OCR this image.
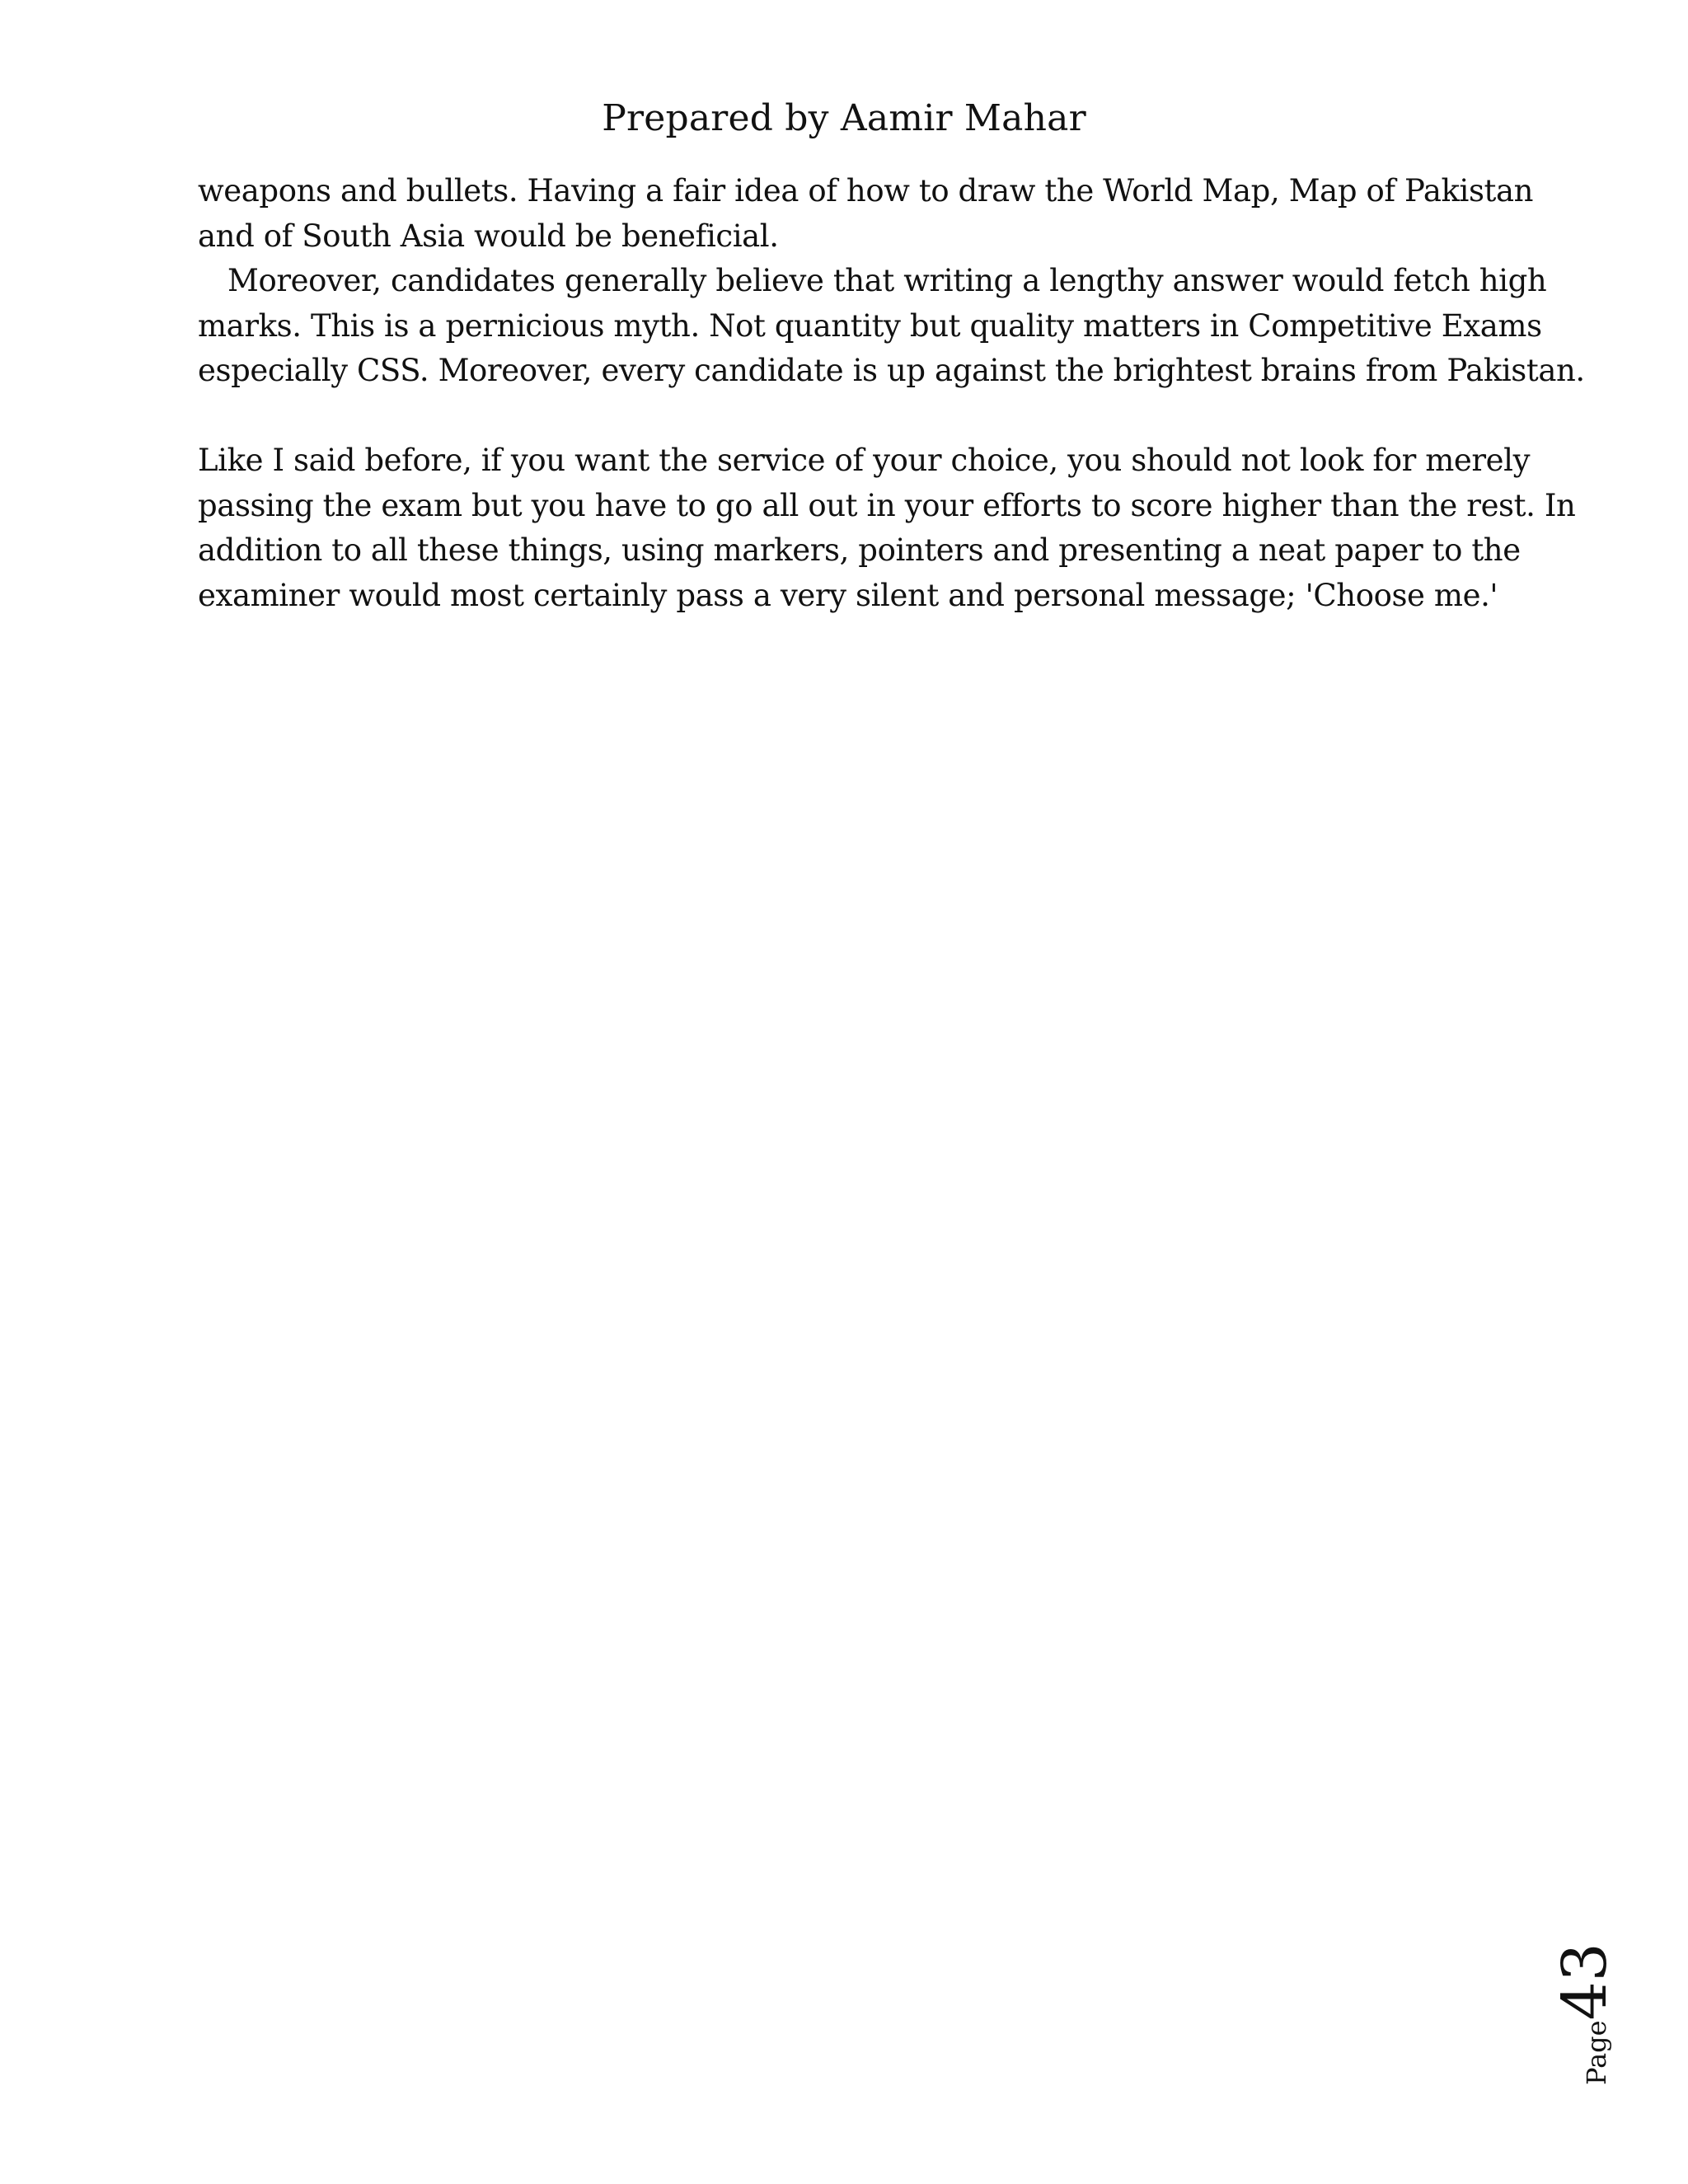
Prepared by Aamir Mahar
weapons and bullets. Having a fair idea of how to draw the World Map, Map of Pakistan
and of South Asia would be beneficial.
Moreover, candidates generally believe that writing a lengthy answer would fetch high
marks. This is a pernicious myth. Not quantity but quality matters in Competitive Exams
especially CSS. Moreover, every candidate is up against the brightest brains from Pakistan.
Like I said before, if you want the service of your choice, you should not look for merely
passing the exam but you have to go all out in your efforts to score higher than the rest. In
addition to all these things, using markers, pointers and presenting a neat paper to the
examiner would most certainly pass a very silent and personal message; 'Choose me.'
Page43
